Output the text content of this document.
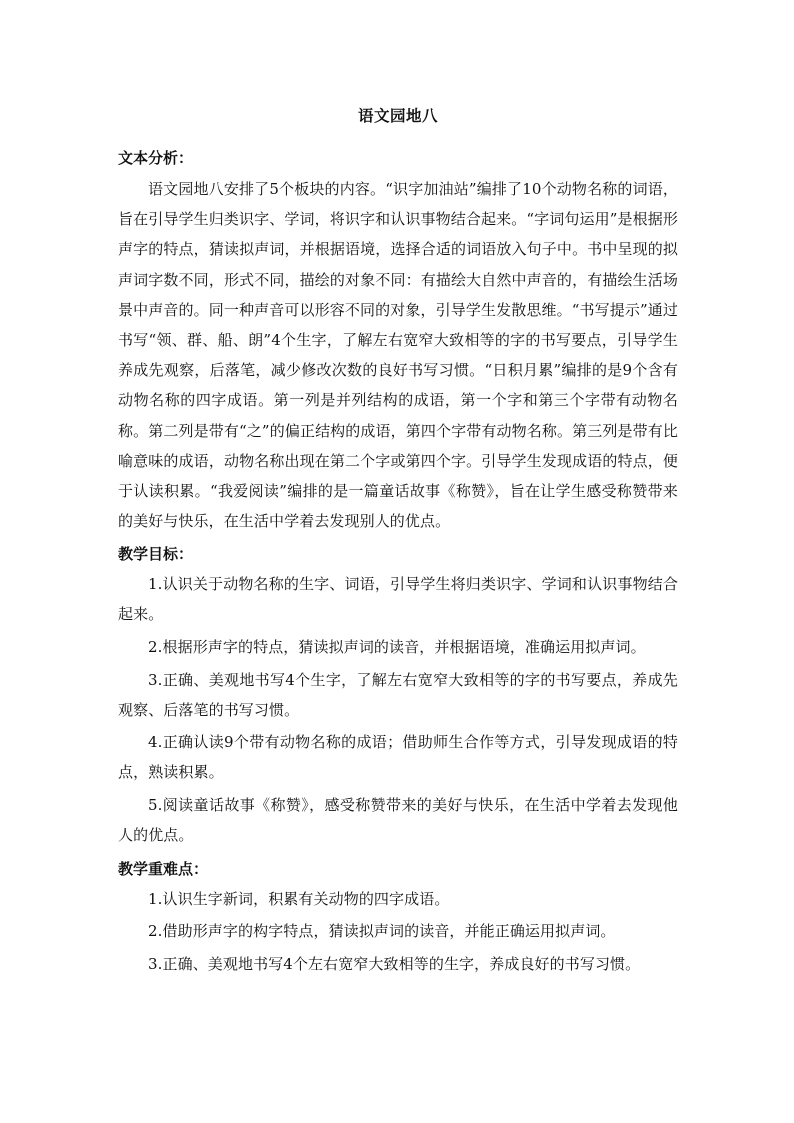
语文园地八

文本分析：

语文园地八安排了5个板块的内容。“识字加油站”编排了10个动物名称的词语，旨在引导学生归类识字、学词，将识字和认识事物结合起来。“字词句运用”是根据形声字的特点，猜读拟声词，并根据语境，选择合适的词语放入句子中。书中呈现的拟声词字数不同，形式不同，描绘的对象不同：有描绘大自然中声音的，有描绘生活场景中声音的。同一种声音可以形容不同的对象，引导学生发散思维。“书写提示”通过书写“领、群、船、朗”4个生字，了解左右宽窄大致相等的字的书写要点，引导学生养成先观察，后落笔，减少修改次数的良好书写习惯。“日积月累”编排的是9个含有动物名称的四字成语。第一列是并列结构的成语，第一个字和第三个字带有动物名称。第二列是带有“之”的偏正结构的成语，第四个字带有动物名称。第三列是带有比喻意味的成语，动物名称出现在第二个字或第四个字。引导学生发现成语的特点，便于认读积累。“我爱阅读”编排的是一篇童话故事《称赞》，旨在让学生感受称赞带来的美好与快乐，在生活中学着去发现别人的优点。

教学目标：

1.认识关于动物名称的生字、词语，引导学生将归类识字、学词和认识事物结合起来。

2.根据形声字的特点，猜读拟声词的读音，并根据语境，准确运用拟声词。

3.正确、美观地书写4个生字，了解左右宽窄大致相等的字的书写要点，养成先观察、后落笔的书写习惯。

4.正确认读9个带有动物名称的成语；借助师生合作等方式，引导发现成语的特点，熟读积累。

5.阅读童话故事《称赞》，感受称赞带来的美好与快乐，在生活中学着去发现他人的优点。

教学重难点：

1.认识生字新词，积累有关动物的四字成语。

2.借助形声字的构字特点，猜读拟声词的读音，并能正确运用拟声词。

3.正确、美观地书写4个左右宽窄大致相等的生字，养成良好的书写习惯。
